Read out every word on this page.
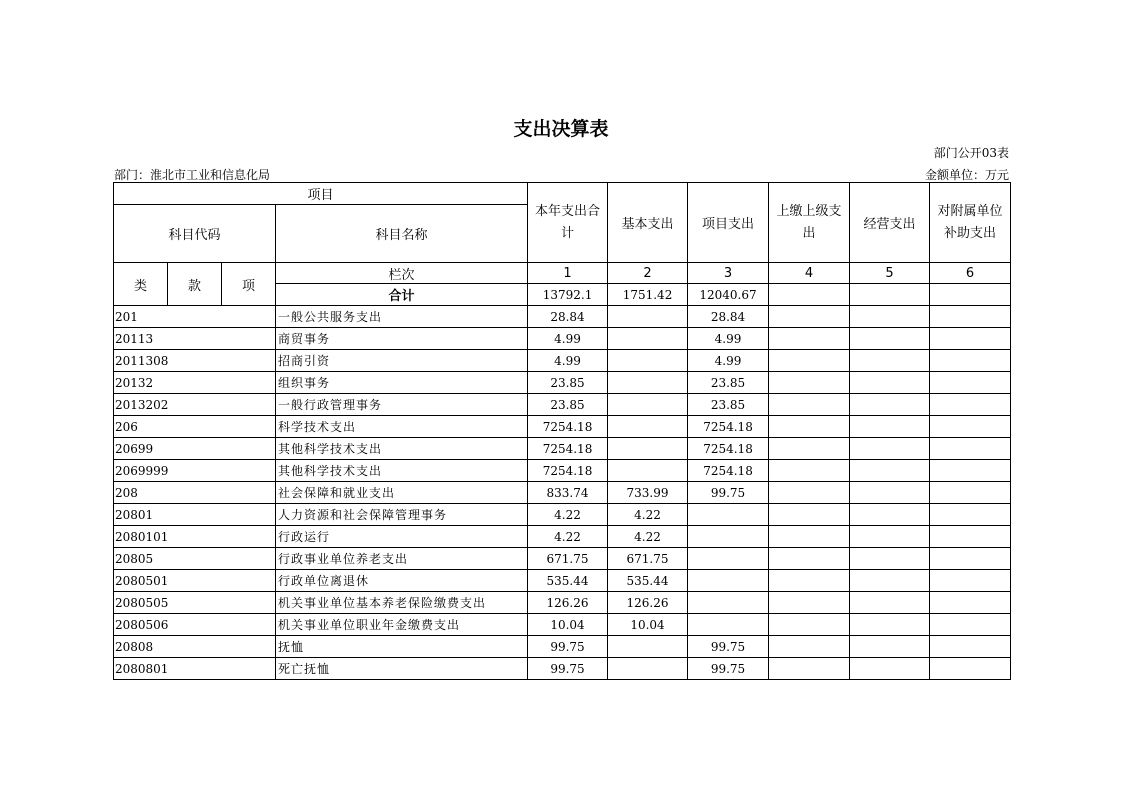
支出决算表
部门公开03表
部门：淮北市工业和信息化局	金额单位：万元
项目				本年支出合计	基本支出	项目支出	上缴上级支出	经营支出	对附属单位补助支出
科目代码			科目名称						
类	款	项	栏次	1	2	3	4	5	6
			合计	13792.1	1751.42	12040.67			
201			一般公共服务支出	28.84		28.84			
20113			商贸事务	4.99		4.99			
2011308			招商引资	4.99		4.99			
20132			组织事务	23.85		23.85			
2013202			一般行政管理事务	23.85		23.85			
206			科学技术支出	7254.18		7254.18			
20699			其他科学技术支出	7254.18		7254.18			
2069999			其他科学技术支出	7254.18		7254.18			
208			社会保障和就业支出	833.74	733.99	99.75			
20801			人力资源和社会保障管理事务	4.22	4.22				
2080101			行政运行	4.22	4.22				
20805			行政事业单位养老支出	671.75	671.75				
2080501			行政单位离退休	535.44	535.44				
2080505			机关事业单位基本养老保险缴费支出	126.26	126.26				
2080506			机关事业单位职业年金缴费支出	10.04	10.04				
20808			抚恤	99.75		99.75			
2080801			死亡抚恤	99.75		99.75			
